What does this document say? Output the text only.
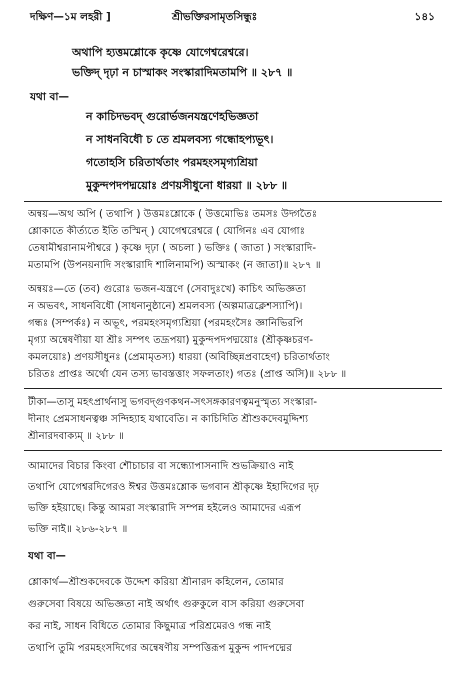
দক্ষিণ—১ম লহরী ]	শ্রীভক্তিরসামৃতসিন্ধুঃ	১৪১
অথাপি হ্যত্তমশ্লোকে কৃষ্ণে যোগেশ্বরেশ্বরে।
ভক্তিদ্ দৃঢ়া ন চাস্মাকং সংস্কারাদিমতামপি ॥ ২৮৭ ॥
যথা বা—
ন কাচিদভবদ্ গুরোর্ভজনযন্ত্রণেহভিজ্ঞতা
ন সাধনবিধৌ চ তে শ্রমলবস্য গন্ধোহপ্যভূৎ।
গতোহসি চরিতার্থতাং পরমহংসমৃগ্যশ্রিয়া
মুকুন্দপদপদ্ময়োঃ প্রণয়সীধুনো ধারয়া ॥ ২৮৮ ॥
অন্বয়—অথ অপি ( তথাপি ) উত্তমঃশ্লোকে ( উত্তমোভিঃ তমসঃ উদ্গতৈঃ
শ্লোকাতে কীর্ত্যতে ইতি তস্মিন্ ) যোগেশ্বরেশ্বরে ( যোগিনঃ এব যোগাঃ
তেষামীশ্বরানামপীশ্বরে ) কৃষ্ণে দৃঢ়া ( অচলা ) ভক্তিঃ ( জাতা ) সংস্কারাদি-
মতামপি (উপনয়নাদি সংস্কারাদি শালিনামপি) অস্মাকং (ন জাতা)॥ ২৮৭ ॥
অন্বয়ঃ—তে (তব) গুরোঃ ভজন-যন্ত্রণে (সেবাদুঃখে) কাচিৎ অভিজ্ঞতা
ন অভবৎ, সাধনবিধৌ (সাধনানুষ্ঠানে) শ্রমলবস্য (অল্পমাত্রক্লেশস্যাপি)।
গন্ধঃ (সম্পর্কঃ) ন অভূৎ, পরমহংসমৃগ্যশ্রিয়া (পরমহংসৈঃ জ্ঞানিভিরপি
মৃগ্যা অন্বেষণীয়া যা শ্রীঃ সম্পৎ তদ্রূপয়া) মুকুন্দপদপদ্ময়োঃ (শ্রীকৃষ্ণচরণ-
কমলয়োঃ) প্রণয়সীধুনঃ (প্রেমামৃতস্য) ধারয়া (অবিচ্ছিন্নপ্রবাহেণ) চরিতার্থতাং
চরিতঃ প্রাপ্তঃ অর্থো যেন তস্য ভাবস্তত্তাং সফলতাং) গতঃ (প্রাপ্ত অসি)॥ ২৮৮ ॥
টীকা—তাসু মহৎপ্রার্থনাসু ভগবদ্গুণকথন-সৎসঙ্গকারণত্বমনুস্মৃত্য সংস্কারা-
দীনাং প্রেমসাধনত্বঞ্চ সন্দিহ্যাহ যথাবেতি। ন কাচিদিতি শ্রীশুকদেবমুদ্দিশ্য
শ্রীনারদবাক্যম্ ॥ ২৮৮ ॥
আমাদের বিচার কিংবা শৌচাচার বা সন্ধ্যোপাসনাদি শুভক্রিয়াও নাই
তথাপি যোগেশ্বরদিগেরও ঈশ্বর উত্তমঃশ্লোক ভগবান শ্রীকৃষ্ণে ইহাদিগের দৃঢ়
ভক্তি হইয়াছে। কিন্তু আমরা সংস্কারাদি সম্পন্ন হইলেও আমাদের এরূপ
ভক্তি নাই॥ ২৮৬-২৮৭ ॥
যথা বা—
শ্লোকার্থ—শ্রীশুকদেবকে উদ্দেশ করিয়া শ্রীনারদ কহিলেন, তোমার
গুরুসেবা বিষয়ে অভিজ্ঞতা নাই অর্থাৎ গুরুকুলে বাস করিয়া গুরুসেবা
কর নাই, সাধন বিধিতে তোমার কিছুমাত্র পরিশ্রমেরও গন্ধ নাই
তথাপি তুমি পরমহংসদিগের অন্বেষণীয় সম্পত্তিরূপ মুকুন্দ পাদপদ্মের
